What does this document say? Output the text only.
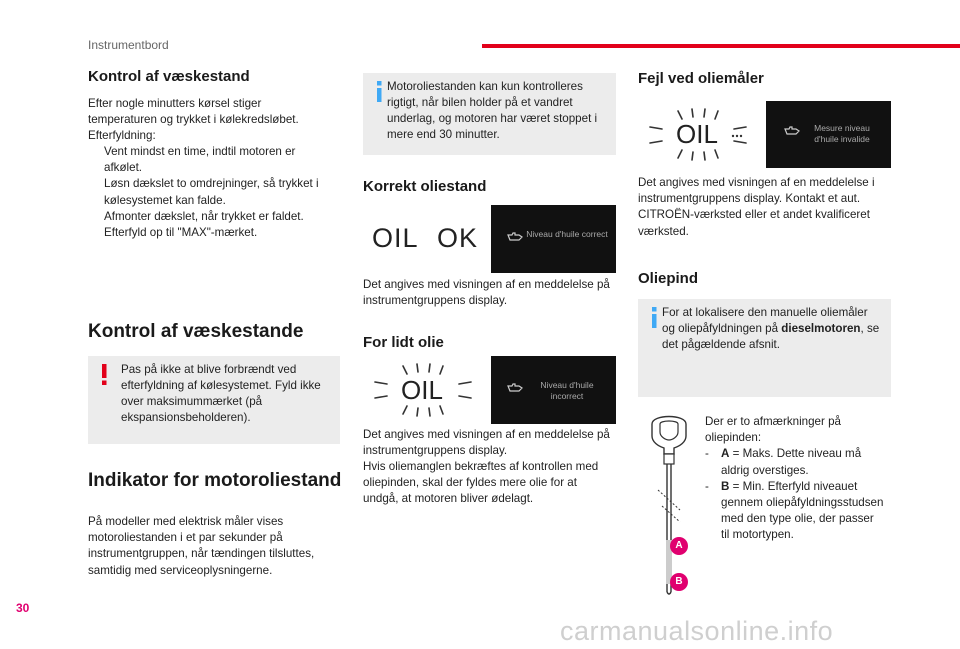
Instrumentbord
Kontrol af væskestand

Efter nogle minutters kørsel stiger temperaturen og trykket i kølekredsløbet.

Efterfyldning:

Vent mindst en time, indtil motoren er afkølet.
Løsn dækslet to omdrejninger, så trykket i kølesystemet kan falde.
Afmonter dækslet, når trykket er faldet.
Efterfyld op til "MAX"-mærket.
Kontrol af væskestande
Pas på ikke at blive forbrændt ved efterfyldning af kølesystemet. Fyld ikke over maksimummærket (på ekspansionsbeholderen).
Indikator for motoroliestand

På modeller med elektrisk måler vises motoroliestanden i et par sekunder på instrumentgruppen, når tændingen tilsluttes, samtidig med serviceoplysningerne.

Motoroliestanden kan kun kontrolleres rigtigt, når bilen holder på et vandret underlag, og motoren har været stoppet i mere end 30 minutter.
Korrekt oliestand
OIL OK	Niveau d'huile correct

Det angives med visningen af en meddelelse på instrumentgruppens display.

For lidt olie
OIL	Niveau d'huile incorrect

Det angives med visningen af en meddelelse på instrumentgruppens display.

Hvis oliemanglen bekræftes af kontrollen med oliepinden, skal der fyldes mere olie for at undgå, at motoren bliver ødelagt.

Fejl ved oliemåler
OIL	Mesure niveau d'huile invalide

Det angives med visningen af en meddelelse i instrumentgruppens display. Kontakt et aut. CITROËN-værksted eller et andet kvalificeret værksted.

Oliepind
For at lokalisere den manuelle oliemåler og oliepåfyldningen på dieselmotoren, se det pågældende afsnit.
A
B

Der er to afmærkninger på oliepinden:

- A = Maks. Dette niveau må aldrig overstiges.
- B = Min. Efterfyld niveauet gennem oliepåfyldningsstudsen med den type olie, der passer til motortypen.
30
carmanualsonline.info
